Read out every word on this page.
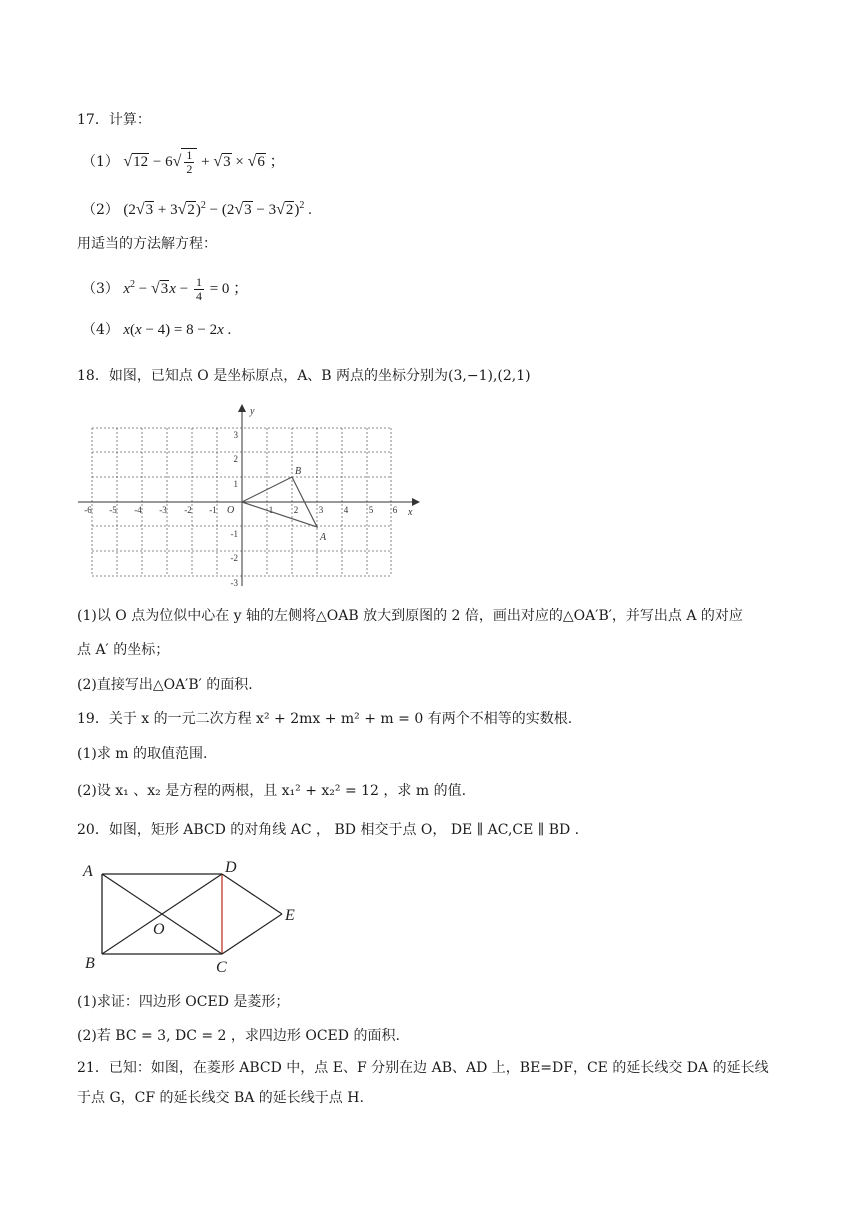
17．计算：
（1） $√12 - 6√ \frac{1}{2} + √3 \times √6$ ；
（2） $(2√3 + 3√2)^2 - (2√3 - 3√2)^2$ .
用适当的方法解方程：
（3） $x^2 - √3x - \frac{1}{4} = 0$ ；
（4） x(x − 4) = 8 − 2x .
18．如图，已知点 O 是坐标原点，A、B 两点的坐标分别为(3,−1),(2,1)
x
y
-6 -5 -4 -3 -2 -1	1 2 3 4 5 6
3
2
1
-1
-2
-3
O
B
A
(1)以 O 点为位似中心在 y 轴的左侧将△OAB 放大到原图的 2 倍，画出对应的△OA′B′，并写出点 A 的对应
点 A′ 的坐标；
(2)直接写出△OA′B′ 的面积.
19．关于 x 的一元二次方程 x² + 2mx + m² + m = 0 有两个不相等的实数根.
(1)求 m 的取值范围.
(2)设 x₁ 、x₂ 是方程的两根，且 x₁² + x₂² = 12 ，求 m 的值.
20．如图，矩形 ABCD 的对角线 AC ， BD 相交于点 O， DE ∥ AC,CE ∥ BD .
A	D
E
O
B	C
(1)求证：四边形 OCED 是菱形；
(2)若 BC = 3, DC = 2 ，求四边形 OCED 的面积.
21．已知：如图，在菱形 ABCD 中，点 E、F 分别在边 AB、AD 上，BE=DF，CE 的延长线交 DA 的延长线
于点 G，CF 的延长线交 BA 的延长线于点 H.
